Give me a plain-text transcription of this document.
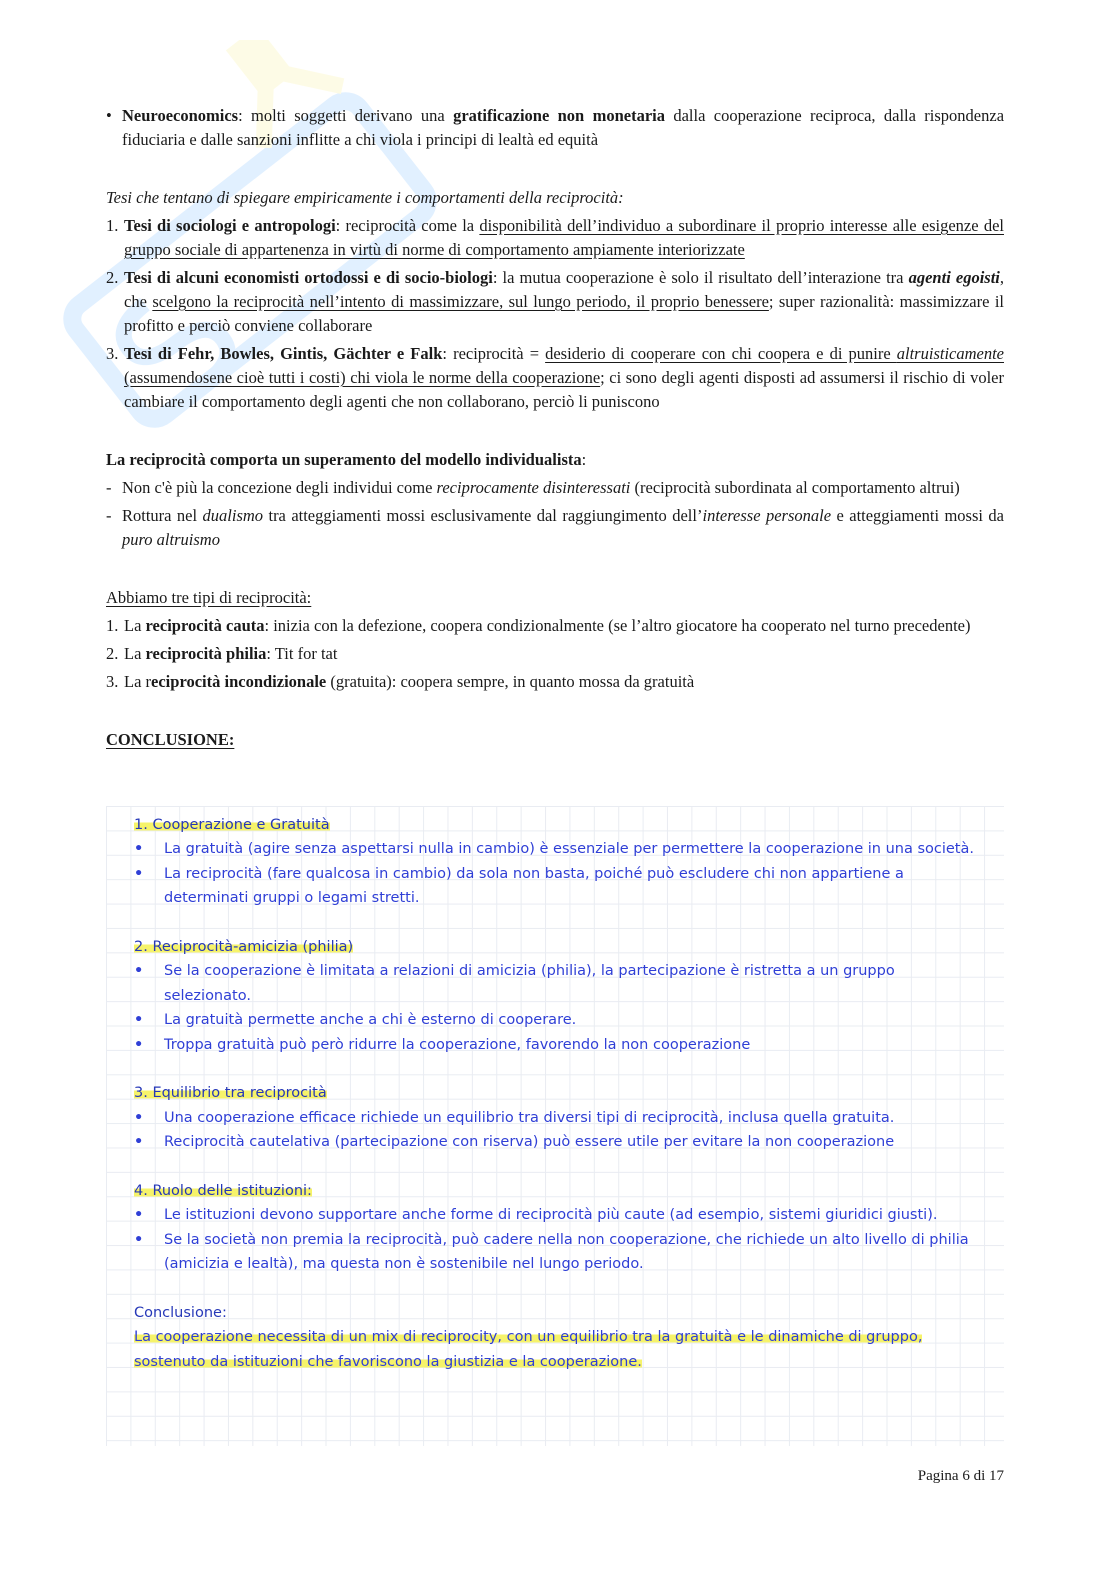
• Neuroeconomics: molti soggetti derivano una gratificazione non monetaria dalla cooperazione reciproca, dalla rispondenza fiduciaria e dalle sanzioni inflitte a chi viola i principi di lealtà ed equità
Tesi che tentano di spiegare empiricamente i comportamenti della reciprocità:
1. Tesi di sociologi e antropologi: reciprocità come la disponibilità dell’individuo a subordinare il proprio interesse alle esigenze del gruppo sociale di appartenenza in virtù di norme di comportamento ampiamente interiorizzate
2. Tesi di alcuni economisti ortodossi e di socio-biologi: la mutua cooperazione è solo il risultato dell’interazione tra agenti egoisti, che scelgono la reciprocità nell’intento di massimizzare, sul lungo periodo, il proprio benessere; super razionalità: massimizzare il profitto e perciò conviene collaborare
3. Tesi di Fehr, Bowles, Gintis, Gächter e Falk: reciprocità = desiderio di cooperare con chi coopera e di punire altruisticamente (assumendosene cioè tutti i costi) chi viola le norme della cooperazione; ci sono degli agenti disposti ad assumersi il rischio di voler cambiare il comportamento degli agenti che non collaborano, perciò li puniscono
La reciprocità comporta un superamento del modello individualista:
- Non c'è più la concezione degli individui come reciprocamente disinteressati (reciprocità subordinata al comportamento altrui)
- Rottura nel dualismo tra atteggiamenti mossi esclusivamente dal raggiungimento dell’interesse personale e atteggiamenti mossi da puro altruismo
Abbiamo tre tipi di reciprocità:
1. La reciprocità cauta: inizia con la defezione, coopera condizionalmente (se l’altro giocatore ha cooperato nel turno precedente)
2. La reciprocità philia: Tit for tat
3. La reciprocità incondizionale (gratuita): coopera sempre, in quanto mossa da gratuità
CONCLUSIONE:
1. Cooperazione e Gratuità
•	La gratuità (agire senza aspettarsi nulla in cambio) è essenziale per permettere la cooperazione in una società.
•	La reciprocità (fare qualcosa in cambio) da sola non basta, poiché può escludere chi non appartiene a determinati gruppi o legami stretti.
2. Reciprocità-amicizia (philia)
•	Se la cooperazione è limitata a relazioni di amicizia (philia), la partecipazione è ristretta a un gruppo selezionato.
•	La gratuità permette anche a chi è esterno di cooperare.
•	Troppa gratuità può però ridurre la cooperazione, favorendo la non cooperazione
3. Equilibrio tra reciprocità
•	Una cooperazione efficace richiede un equilibrio tra diversi tipi di reciprocità, inclusa quella gratuita.
•	Reciprocità cautelativa (partecipazione con riserva) può essere utile per evitare la non cooperazione
4. Ruolo delle istituzioni:
•	Le istituzioni devono supportare anche forme di reciprocità più caute (ad esempio, sistemi giuridici giusti).
•	Se la società non premia la reciprocità, può cadere nella non cooperazione, che richiede un alto livello di philia (amicizia e lealtà), ma questa non è sostenibile nel lungo periodo.
Conclusione:
La cooperazione necessita di un mix di reciprocity, con un equilibrio tra la gratuità e le dinamiche di gruppo, sostenuto da istituzioni che favoriscono la giustizia e la cooperazione.
Pagina 6 di 17
